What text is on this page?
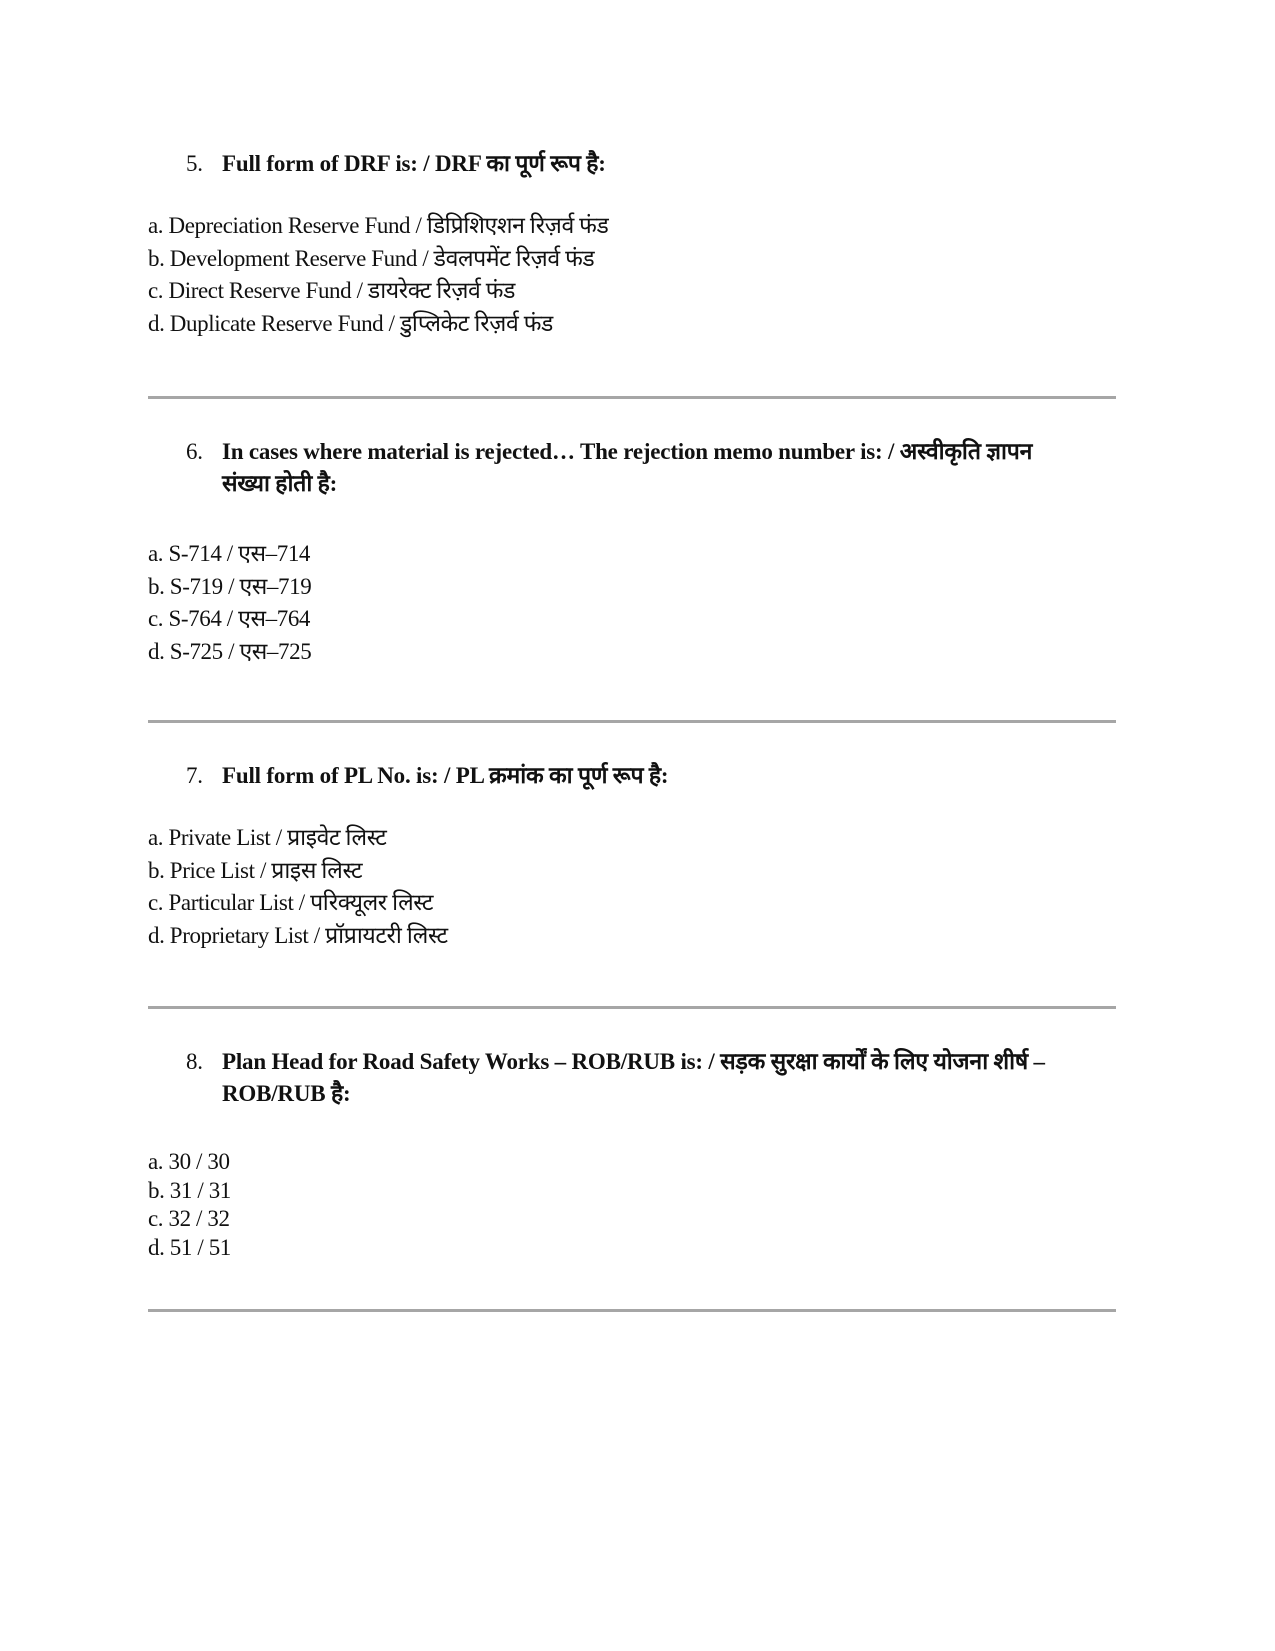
5. Full form of DRF is: / DRF का पूर्ण रूप है:
a. Depreciation Reserve Fund / डिप्रिशिएशन रिज़र्व फंड
b. Development Reserve Fund / डेवलपमेंट रिज़र्व फंड
c. Direct Reserve Fund / डायरेक्ट रिज़र्व फंड
d. Duplicate Reserve Fund / डुप्लिकेट रिज़र्व फंड
6. In cases where material is rejected… The rejection memo number is: / अस्वीकृति ज्ञापन संख्या होती है:
a. S-714 / एस–714
b. S-719 / एस–719
c. S-764 / एस–764
d. S-725 / एस–725
7. Full form of PL No. is: / PL क्रमांक का पूर्ण रूप है:
a. Private List / प्राइवेट लिस्ट
b. Price List / प्राइस लिस्ट
c. Particular List / परिक्यूलर लिस्ट
d. Proprietary List / प्रॉप्रायटरी लिस्ट
8. Plan Head for Road Safety Works – ROB/RUB is: / सड़क सुरक्षा कार्यों के लिए योजना शीर्ष – ROB/RUB है:
a. 30 / 30
b. 31 / 31
c. 32 / 32
d. 51 / 51
